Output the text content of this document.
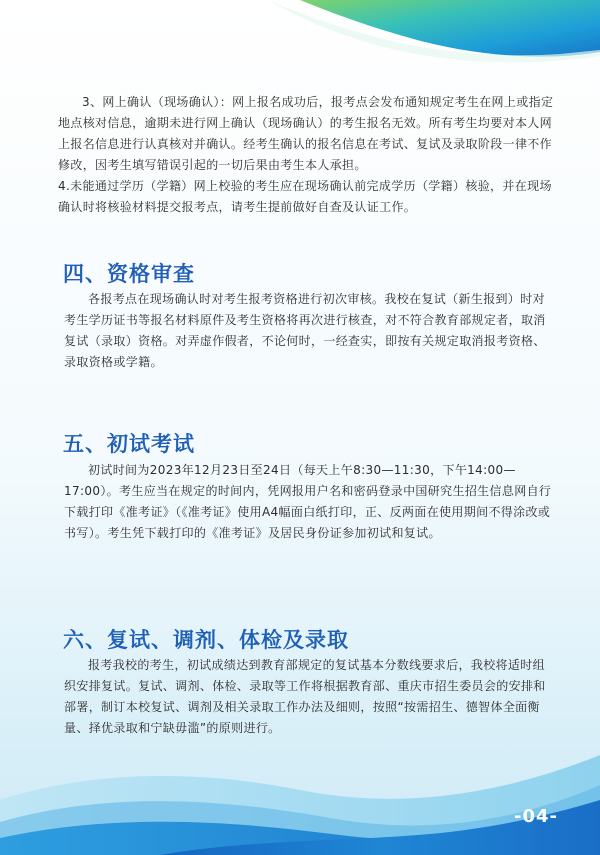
3、网上确认（现场确认）：网上报名成功后，报考点会发布通知规定考生在网上或指定地点核对信息，逾期未进行网上确认（现场确认）的考生报名无效。所有考生均要对本人网上报名信息进行认真核对并确认。经考生确认的报名信息在考试、复试及录取阶段一律不作修改，因考生填写错误引起的一切后果由考生本人承担。
4.未能通过学历（学籍）网上校验的考生应在现场确认前完成学历（学籍）核验，并在现场确认时将核验材料提交报考点，请考生提前做好自查及认证工作。

四、资格审查

各报考点在现场确认时对考生报考资格进行初次审核。我校在复试（新生报到）时对考生学历证书等报名材料原件及考生资格将再次进行核查，对不符合教育部规定者，取消复试（录取）资格。对弄虚作假者，不论何时，一经查实，即按有关规定取消报考资格、录取资格或学籍。

五、初试考试

初试时间为2023年12月23日至24日（每天上午8:30—11:30，下午14:00—17:00）。考生应当在规定的时间内，凭网报用户名和密码登录中国研究生招生信息网自行下载打印《准考证》（《准考证》使用A4幅面白纸打印，正、反两面在使用期间不得涂改或书写）。考生凭下载打印的《准考证》及居民身份证参加初试和复试。

六、复试、调剂、体检及录取

报考我校的考生，初试成绩达到教育部规定的复试基本分数线要求后，我校将适时组织安排复试。复试、调剂、体检、录取等工作将根据教育部、重庆市招生委员会的安排和部署，制订本校复试、调剂及相关录取工作办法及细则，按照“按需招生、德智体全面衡量、择优录取和宁缺毋滥”的原则进行。

-04-
